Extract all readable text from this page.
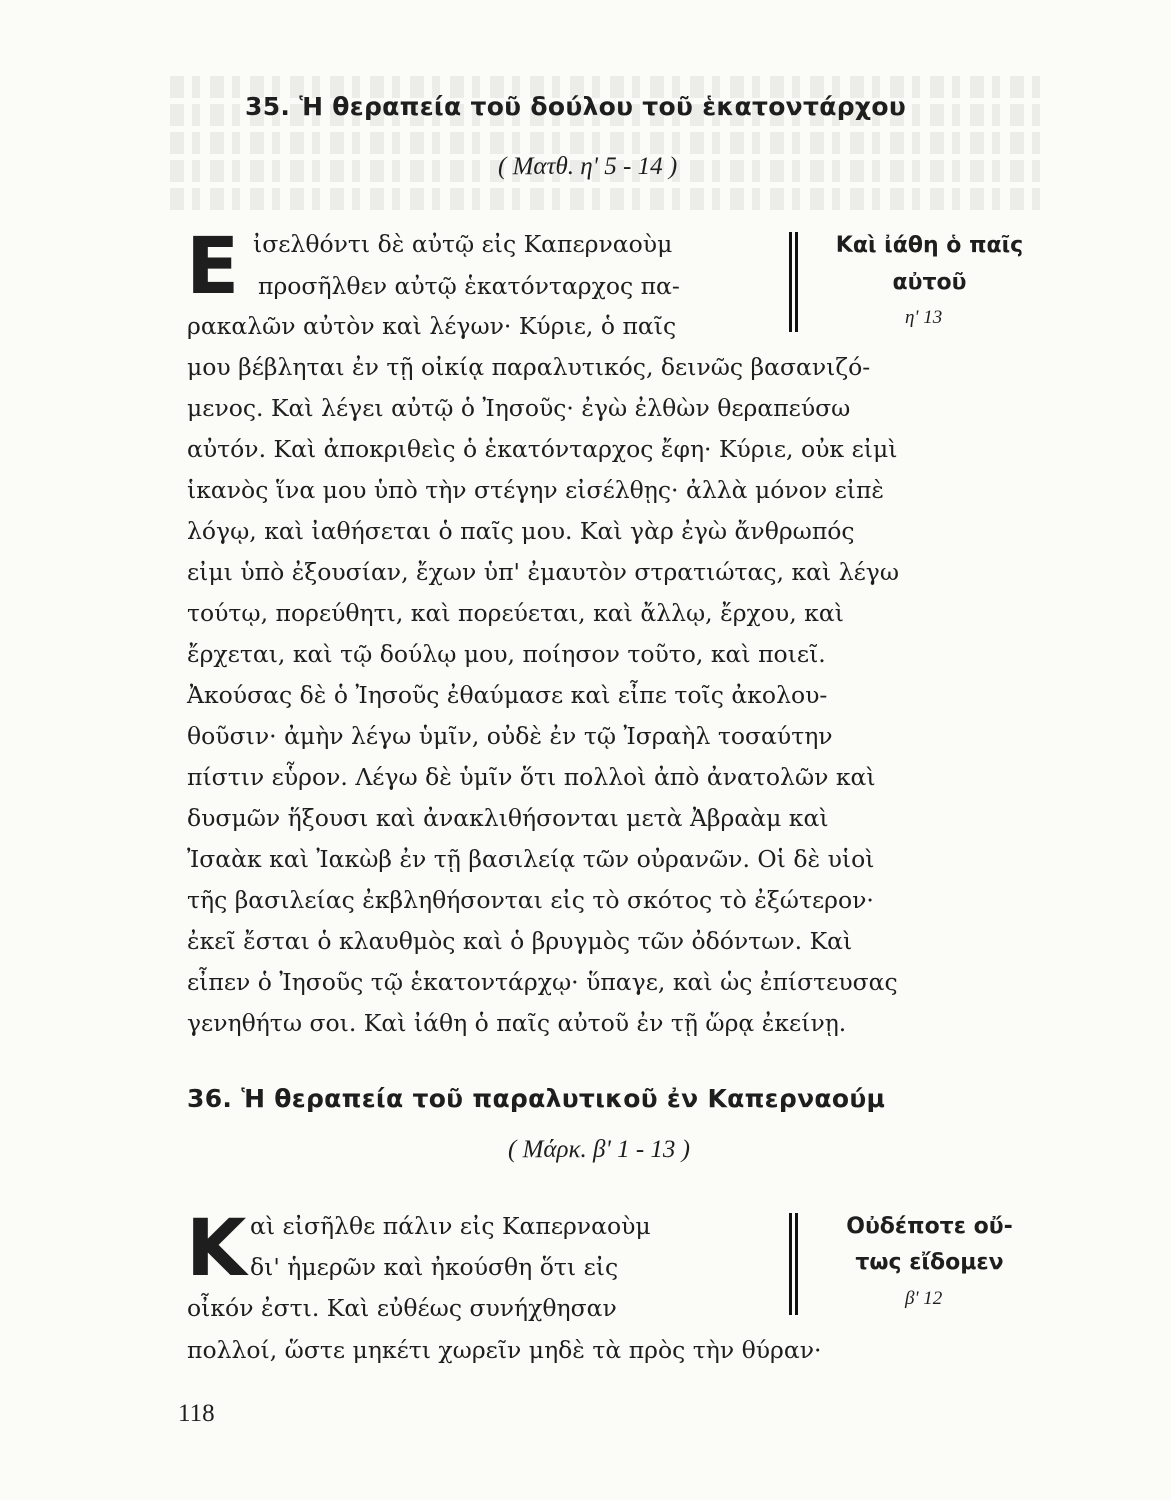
35. Ἡ θεραπεία τοῦ δούλου τοῦ ἑκατοντάρχου
( Ματθ. η' 5 - 14 )
Ε ἰσελθόντι δὲ αὐτῷ εἰς Καπερναοὺμ
προσῆλθεν αὐτῷ ἑκατόνταρχος πα-
ρακαλῶν αὐτὸν καὶ λέγων· Κύριε, ὁ παῖς
μου βέβληται ἐν τῇ οἰκίᾳ παραλυτικός, δεινῶς βασανιζό-
μενος. Καὶ λέγει αὐτῷ ὁ Ἰησοῦς· ἐγὼ ἐλθὼν θεραπεύσω
αὐτόν. Καὶ ἀποκριθεὶς ὁ ἑκατόνταρχος ἔφη· Κύριε, οὐκ εἰμὶ
ἱκανὸς ἵνα μου ὑπὸ τὴν στέγην εἰσέλθῃς· ἀλλὰ μόνον εἰπὲ
λόγῳ, καὶ ἰαθήσεται ὁ παῖς μου. Καὶ γὰρ ἐγὼ ἄνθρωπός
εἰμι ὑπὸ ἐξουσίαν, ἔχων ὑπ' ἐμαυτὸν στρατιώτας, καὶ λέγω
τούτῳ, πορεύθητι, καὶ πορεύεται, καὶ ἄλλῳ, ἔρχου, καὶ
ἔρχεται, καὶ τῷ δούλῳ μου, ποίησον τοῦτο, καὶ ποιεῖ.
Ἀκούσας δὲ ὁ Ἰησοῦς ἐθαύμασε καὶ εἶπε τοῖς ἀκολου-
θοῦσιν· ἀμὴν λέγω ὑμῖν, οὐδὲ ἐν τῷ Ἰσραὴλ τοσαύτην
πίστιν εὗρον. Λέγω δὲ ὑμῖν ὅτι πολλοὶ ἀπὸ ἀνατολῶν καὶ
δυσμῶν ἥξουσι καὶ ἀνακλιθήσονται μετὰ Ἀβραὰμ καὶ
Ἰσαὰκ καὶ Ἰακὼβ ἐν τῇ βασιλείᾳ τῶν οὐρανῶν. Οἱ δὲ υἱοὶ
τῆς βασιλείας ἐκβληθήσονται εἰς τὸ σκότος τὸ ἐξώτερον·
ἐκεῖ ἔσται ὁ κλαυθμὸς καὶ ὁ βρυγμὸς τῶν ὀδόντων. Καὶ
εἶπεν ὁ Ἰησοῦς τῷ ἑκατοντάρχῳ· ὕπαγε, καὶ ὡς ἐπίστευσας
γενηθήτω σοι. Καὶ ἰάθη ὁ παῖς αὐτοῦ ἐν τῇ ὥρᾳ ἐκείνῃ.
Καὶ ἰάθη ὁ παῖς
αὐτοῦ
η' 13
36. Ἡ θεραπεία τοῦ παραλυτικοῦ ἐν Καπερναούμ
( Μάρκ. β' 1 - 13 )
Κ αὶ εἰσῆλθε πάλιν εἰς Καπερναοὺμ
δι' ἡμερῶν καὶ ἠκούσθη ὅτι εἰς
οἶκόν ἐστι. Καὶ εὐθέως συνήχθησαν
πολλοί, ὥστε μηκέτι χωρεῖν μηδὲ τὰ πρὸς τὴν θύραν·
Οὐδέποτε οὔ-
τως εἴδομεν
β' 12
118
